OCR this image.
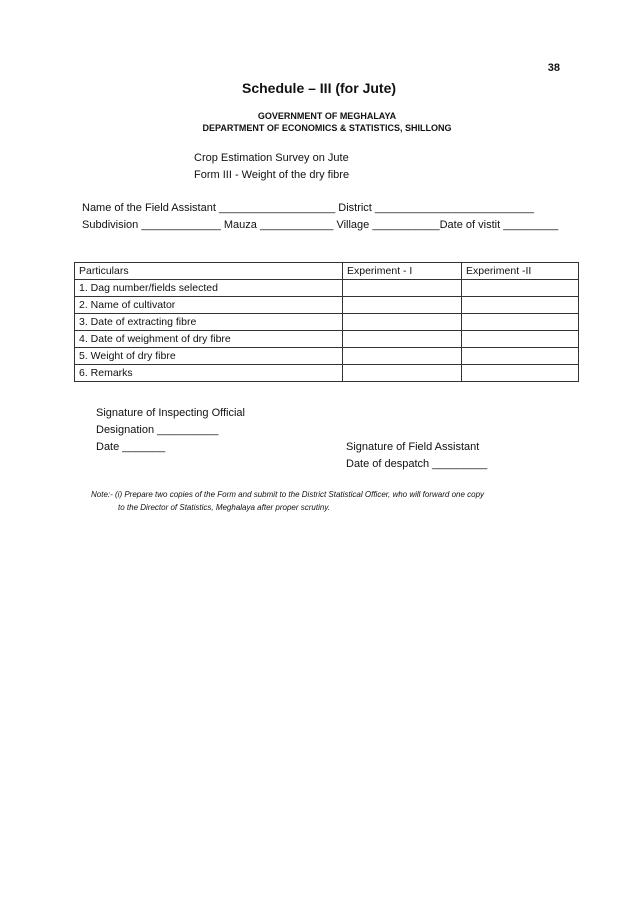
38
Schedule – III (for Jute)
GOVERNMENT OF MEGHALAYA
DEPARTMENT OF ECONOMICS & STATISTICS, SHILLONG
Crop Estimation Survey on Jute
Form III - Weight of the dry fibre
Name of the Field Assistant ___________________ District __________________________
Subdivision _____________ Mauza ____________ Village ___________Date of vistit _________
Particulars	Experiment - I	Experiment -II
1. Dag number/fields selected		
2. Name of cultivator		
3. Date of extracting fibre		
4. Date of weighment of dry fibre		
5. Weight of dry fibre		
6. Remarks		
Signature of Inspecting Official
Designation __________
Date _______	Signature of Field Assistant
Date of despatch _________
Note:- (i) Prepare two copies of the Form and submit to the District Statistical Officer, who will forward one copy
to the Director of Statistics, Meghalaya after proper scrutiny.
